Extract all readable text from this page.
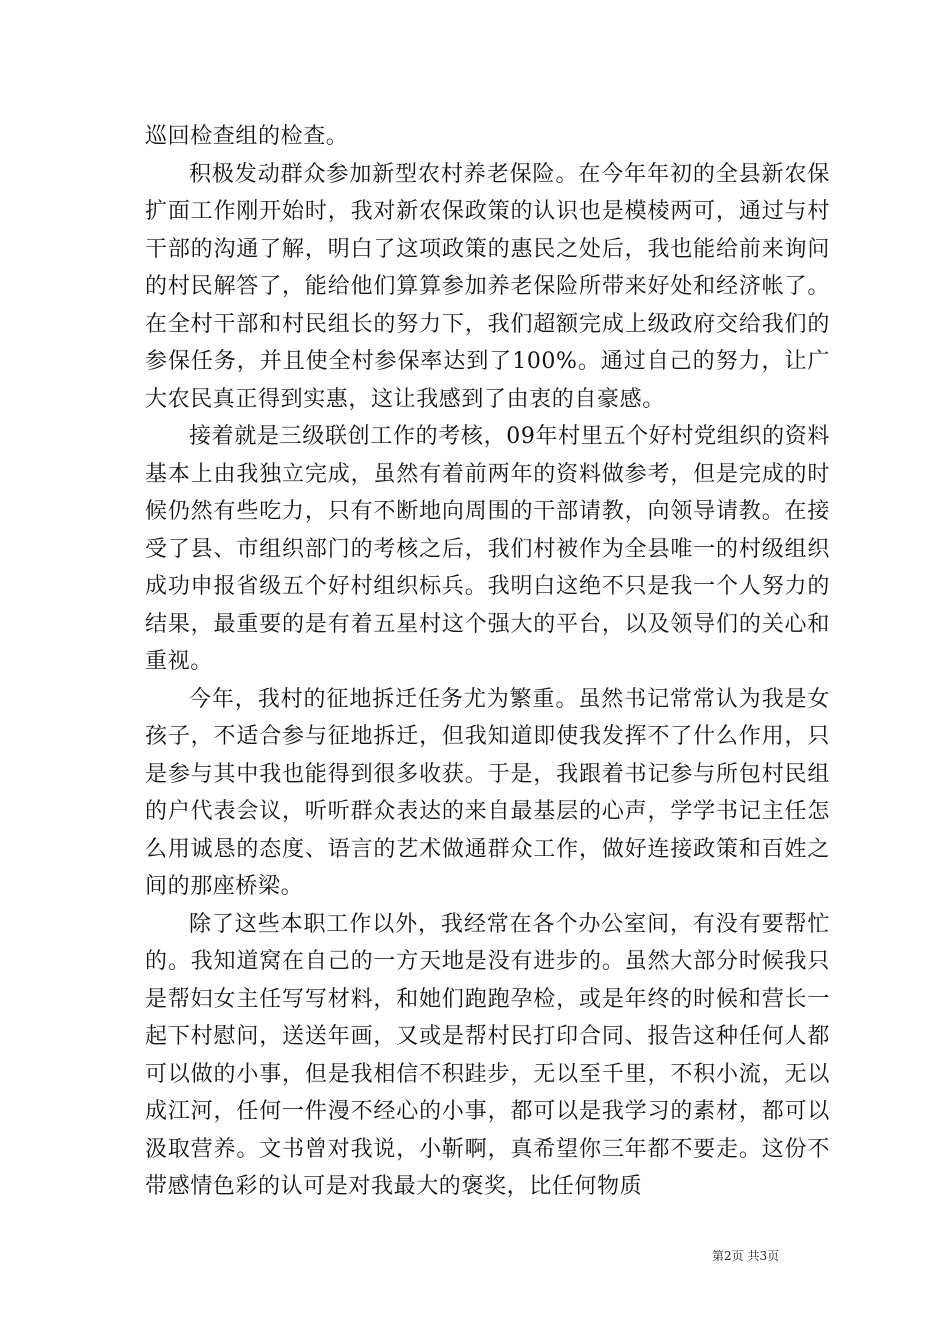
巡回检查组的检查。

积极发动群众参加新型农村养老保险。在今年年初的全县新农保扩面工作刚开始时，我对新农保政策的认识也是模棱两可，通过与村干部的沟通了解，明白了这项政策的惠民之处后，我也能给前来询问的村民解答了，能给他们算算参加养老保险所带来好处和经济帐了。在全村干部和村民组长的努力下，我们超额完成上级政府交给我们的参保任务，并且使全村参保率达到了100%。通过自己的努力，让广大农民真正得到实惠，这让我感到了由衷的自豪感。

接着就是三级联创工作的考核，09年村里五个好村党组织的资料基本上由我独立完成，虽然有着前两年的资料做参考，但是完成的时候仍然有些吃力，只有不断地向周围的干部请教，向领导请教。在接受了县、市组织部门的考核之后，我们村被作为全县唯一的村级组织成功申报省级五个好村组织标兵。我明白这绝不只是我一个人努力的结果，最重要的是有着五星村这个强大的平台，以及领导们的关心和重视。

今年，我村的征地拆迁任务尤为繁重。虽然书记常常认为我是女孩子，不适合参与征地拆迁，但我知道即使我发挥不了什么作用，只是参与其中我也能得到很多收获。于是，我跟着书记参与所包村民组的户代表会议，听听群众表达的来自最基层的心声，学学书记主任怎么用诚恳的态度、语言的艺术做通群众工作，做好连接政策和百姓之间的那座桥梁。

除了这些本职工作以外，我经常在各个办公室间，有没有要帮忙的。我知道窝在自己的一方天地是没有进步的。虽然大部分时候我只是帮妇女主任写写材料，和她们跑跑孕检，或是年终的时候和营长一起下村慰问，送送年画，又或是帮村民打印合同、报告这种任何人都可以做的小事，但是我相信不积跬步，无以至千里，不积小流，无以成江河，任何一件漫不经心的小事，都可以是我学习的素材，都可以汲取营养。文书曾对我说，小靳啊，真希望你三年都不要走。这份不带感情色彩的认可是对我最大的褒奖，比任何物质

第2页 共3页
